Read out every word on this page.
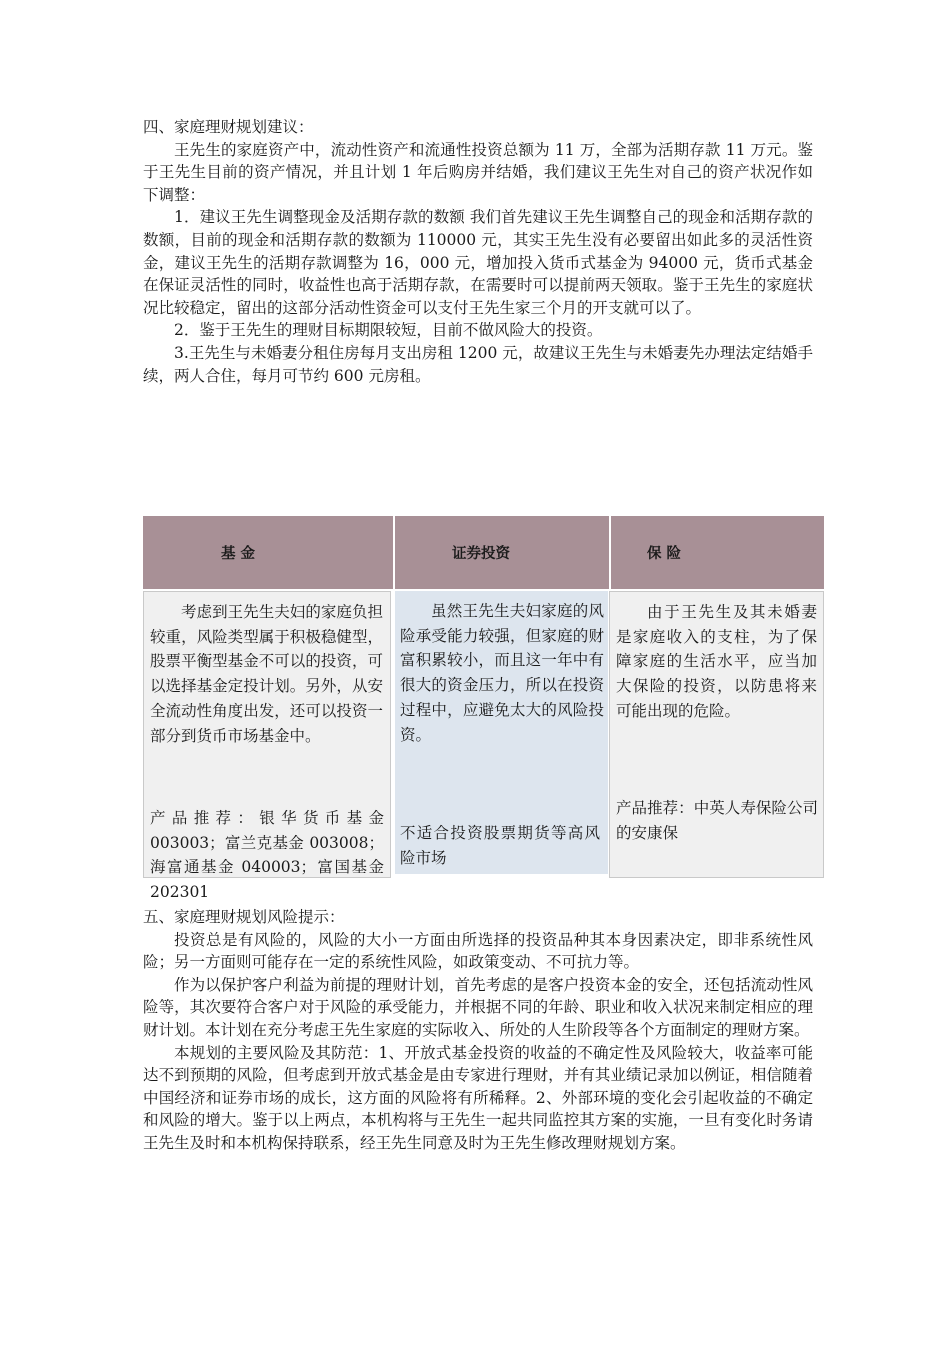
四、家庭理财规划建议：

王先生的家庭资产中，流动性资产和流通性投资总额为 11 万，全部为活期存款 11 万元。鉴于王先生目前的资产情况，并且计划 1 年后购房并结婚，我们建议王先生对自己的资产状况作如下调整：

1．建议王先生调整现金及活期存款的数额 我们首先建议王先生调整自己的现金和活期存款的数额，目前的现金和活期存款的数额为 110000 元，其实王先生没有必要留出如此多的灵活性资金，建议王先生的活期存款调整为 16，000 元，增加投入货币式基金为 94000 元，货币式基金在保证灵活性的同时，收益性也高于活期存款，在需要时可以提前两天领取。鉴于王先生的家庭状况比较稳定，留出的这部分活动性资金可以支付王先生家三个月的开支就可以了。

2．鉴于王先生的理财目标期限较短，目前不做风险大的投资。

3.王先生与未婚妻分租住房每月支出房租 1200 元，故建议王先生与未婚妻先办理法定结婚手续，两人合住，每月可节约 600 元房租。

基 金	证券投资	保 险

考虑到王先生夫妇的家庭负担较重，风险类型属于积极稳健型，股票平衡型基金不可以的投资，可以选择基金定投计划。另外，从安全流动性角度出发，还可以投资一部分到货币市场基金中。

产品推荐：银华货币基金 003003；富兰克基金 003008；海富通基金 040003；富国基金 202301

虽然王先生夫妇家庭的风险承受能力较强，但家庭的财富积累较小，而且这一年中有很大的资金压力，所以在投资过程中，应避免太大的风险投资。

不适合投资股票期货等高风险市场

由于王先生及其未婚妻是家庭收入的支柱，为了保障家庭的生活水平，应当加大保险的投资，以防患将来可能出现的危险。

产品推荐：中英人寿保险公司的安康保

五、家庭理财规划风险提示：

投资总是有风险的，风险的大小一方面由所选择的投资品种其本身因素决定，即非系统性风险；另一方面则可能存在一定的系统性风险，如政策变动、不可抗力等。

作为以保护客户利益为前提的理财计划，首先考虑的是客户投资本金的安全，还包括流动性风险等，其次要符合客户对于风险的承受能力，并根据不同的年龄、职业和收入状况来制定相应的理财计划。本计划在充分考虑王先生家庭的实际收入、所处的人生阶段等各个方面制定的理财方案。

本规划的主要风险及其防范：1、开放式基金投资的收益的不确定性及风险较大，收益率可能达不到预期的风险，但考虑到开放式基金是由专家进行理财，并有其业绩记录加以例证，相信随着中国经济和证券市场的成长，这方面的风险将有所稀释。2、外部环境的变化会引起收益的不确定和风险的增大。鉴于以上两点，本机构将与王先生一起共同监控其方案的实施，一旦有变化时务请王先生及时和本机构保持联系，经王先生同意及时为王先生修改理财规划方案。
